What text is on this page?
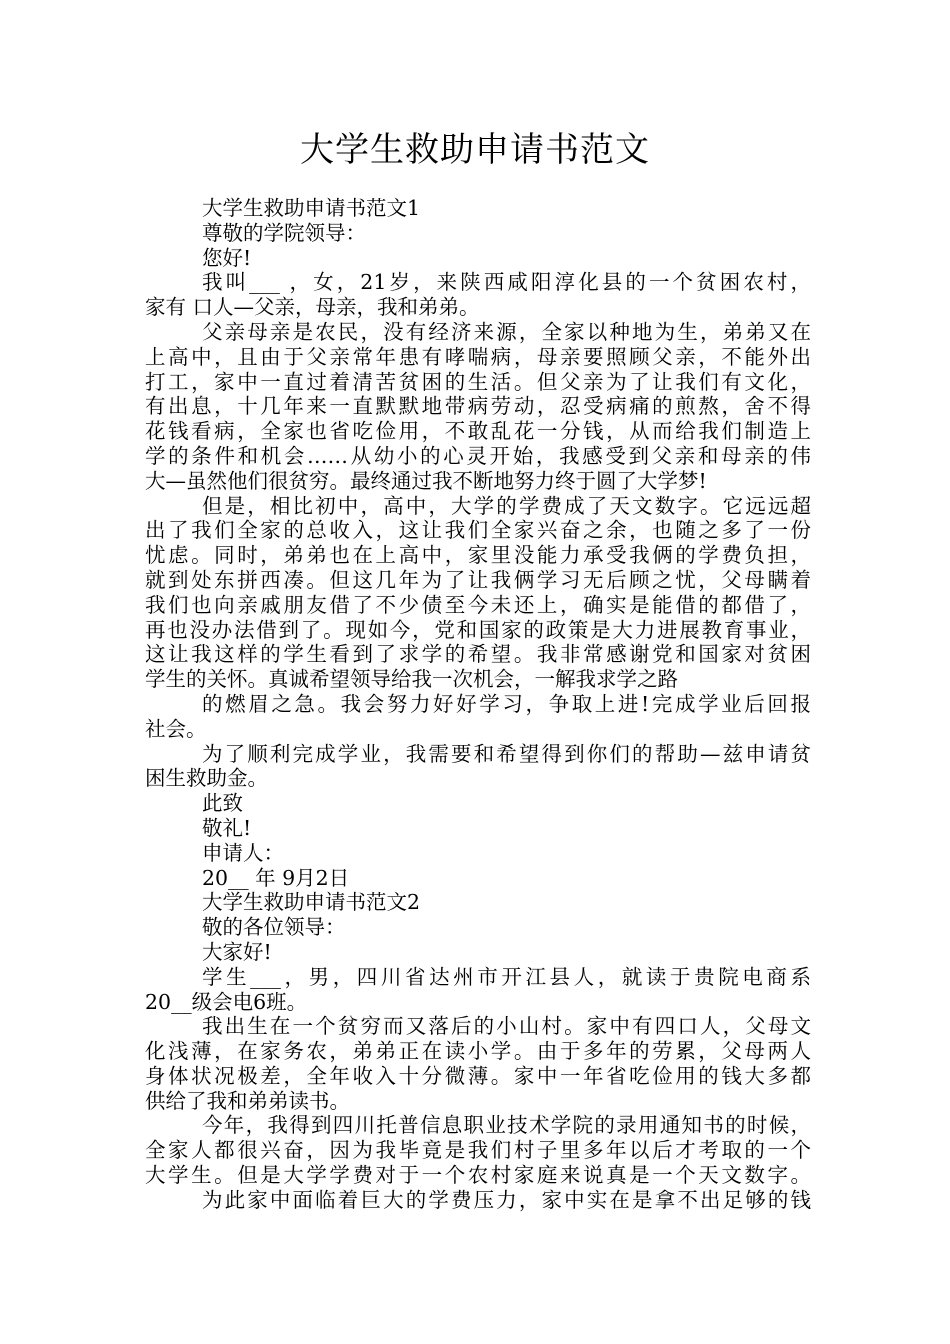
大学生救助申请书范文
大学生救助申请书范文1
尊敬的学院领导：
您好!
我叫___ ，女，21岁，来陕西咸阳淳化县的一个贫困农村，
家有 口人—父亲，母亲，我和弟弟。
父亲母亲是农民，没有经济来源，全家以种地为生，弟弟又在
上高中，且由于父亲常年患有哮喘病，母亲要照顾父亲，不能外出
打工，家中一直过着清苦贫困的生活。但父亲为了让我们有文化，
有出息，十几年来一直默默地带病劳动，忍受病痛的煎熬，舍不得
花钱看病，全家也省吃俭用，不敢乱花一分钱，从而给我们制造上
学的条件和机会……从幼小的心灵开始，我感受到父亲和母亲的伟
大—虽然他们很贫穷。最终通过我不断地努力终于圆了大学梦!
但是，相比初中，高中，大学的学费成了天文数字。它远远超
出了我们全家的总收入，这让我们全家兴奋之余，也随之多了一份
忧虑。同时，弟弟也在上高中，家里没能力承受我俩的学费负担，
就到处东拼西凑。但这几年为了让我俩学习无后顾之忧，父母瞒着
我们也向亲戚朋友借了不少债至今未还上，确实是能借的都借了，
再也没办法借到了。现如今，党和国家的政策是大力进展教育事业，
这让我这样的学生看到了求学的希望。我非常感谢党和国家对贫困
学生的关怀。真诚希望领导给我一次机会，一解我求学之路
的燃眉之急。我会努力好好学习，争取上进!完成学业后回报
社会。
为了顺利完成学业，我需要和希望得到你们的帮助—兹申请贫
困生救助金。
此致
敬礼!
申请人：
20__ 年 9月2日
大学生救助申请书范文2
敬的各位领导：
大家好!
学生___，男，四川省达州市开江县人，就读于贵院电商系
20__级会电6班。
我出生在一个贫穷而又落后的小山村。家中有四口人，父母文
化浅薄，在家务农，弟弟正在读小学。由于多年的劳累，父母两人
身体状况极差，全年收入十分微薄。家中一年省吃俭用的钱大多都
供给了我和弟弟读书。
今年，我得到四川托普信息职业技术学院的录用通知书的时候，
全家人都很兴奋，因为我毕竟是我们村子里多年以后才考取的一个
大学生。但是大学学费对于一个农村家庭来说真是一个天文数字。
为此家中面临着巨大的学费压力，家中实在是拿不出足够的钱
